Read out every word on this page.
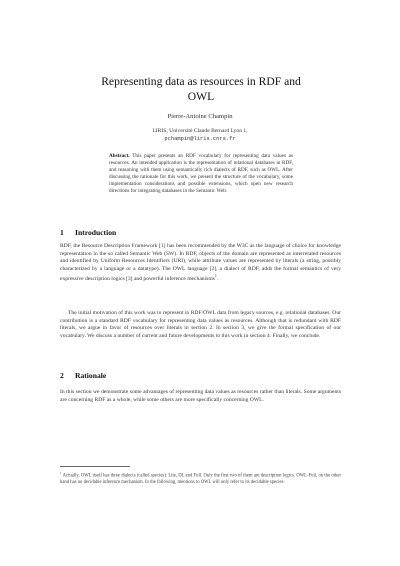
Representing data as resources in RDF and OWL
Pierre-Antoine Champin
LIRIS, Université Claude Bernard Lyon 1,
pchampin@liris.cnrs.fr
Abstract. This paper presents an RDF vocabulary for representing data values as resources. An intended application is the representation of relational databases in RDF, and reasoning with them using semantically rich dialects of RDF, such as OWL. After discussing the rationale for this work, we present the structure of the vocabulary, some implementation considerations and possible extensions, which open new research directions for integrating databases in the Semantic Web.
1 Introduction
RDF, the Resource Description Framework [1] has been recommended by the W3C as the language of choice for knowledge representation in the so called Semantic Web (SW). In RDF, objects of the domain are represented as interrelated resources and identified by Uniform Resources Identifiers (URI), while attribute values are represented by literals (a string, possibly characterized by a language or a datatype). The OWL language [2], a dialect of RDF, adds the formal semantics of very expressive description logics [3] and powerful inference mechanisms$^1$.
The initial motivation of this work was to represent in RDF/OWL data from legacy sources, e.g. relational databases. Our contribution is a standard RDF vocabulary for representing data values as resources. Although that is redundant with RDF literals, we argue in favor of resources over literals in section 2. In section 3, we give the formal specification of our vocabulary. We discuss a number of current and future developments to this work in section 4. Finally, we conclude.
2 Rationale
In this section we demonstrate some advantages of representing data values as resources rather than literals. Some arguments are concerning RDF as a whole, while some others are more specifically concerning OWL.
$^1$ Actually, OWL itself has three dialects (called species): Lite, DL and Full. Only the first two of them are description logics. OWL-Full, on the other hand has no decidable inference mechanism. In the following, mentions to OWL will only refer to its decidable species.
